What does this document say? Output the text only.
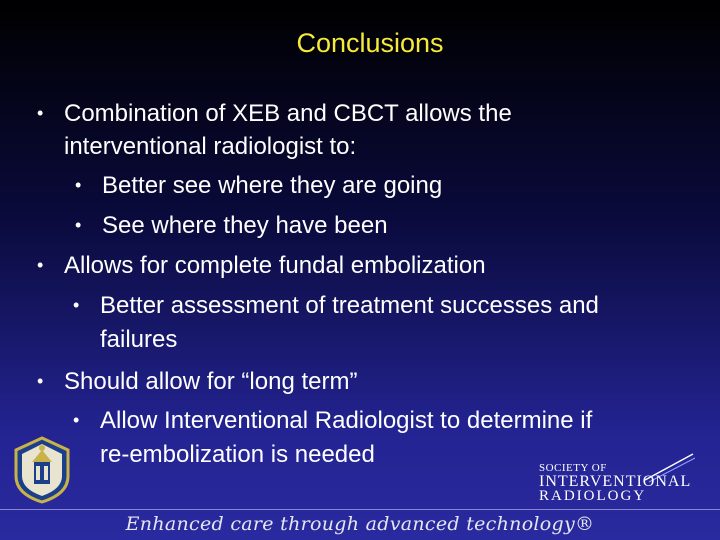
Conclusions
• Combination of XEB and CBCT allows the
interventional radiologist to:
• Better see where they are going
• See where they have been
• Allows for complete fundal embolization
• Better assessment of treatment successes and
failures
• Should allow for “long term”
• Allow Interventional Radiologist to determine if
re-embolization is needed	SOCIETY OF
INTERVENTIONAL
RADIOLOGY
Enhanced care through advanced technology®
